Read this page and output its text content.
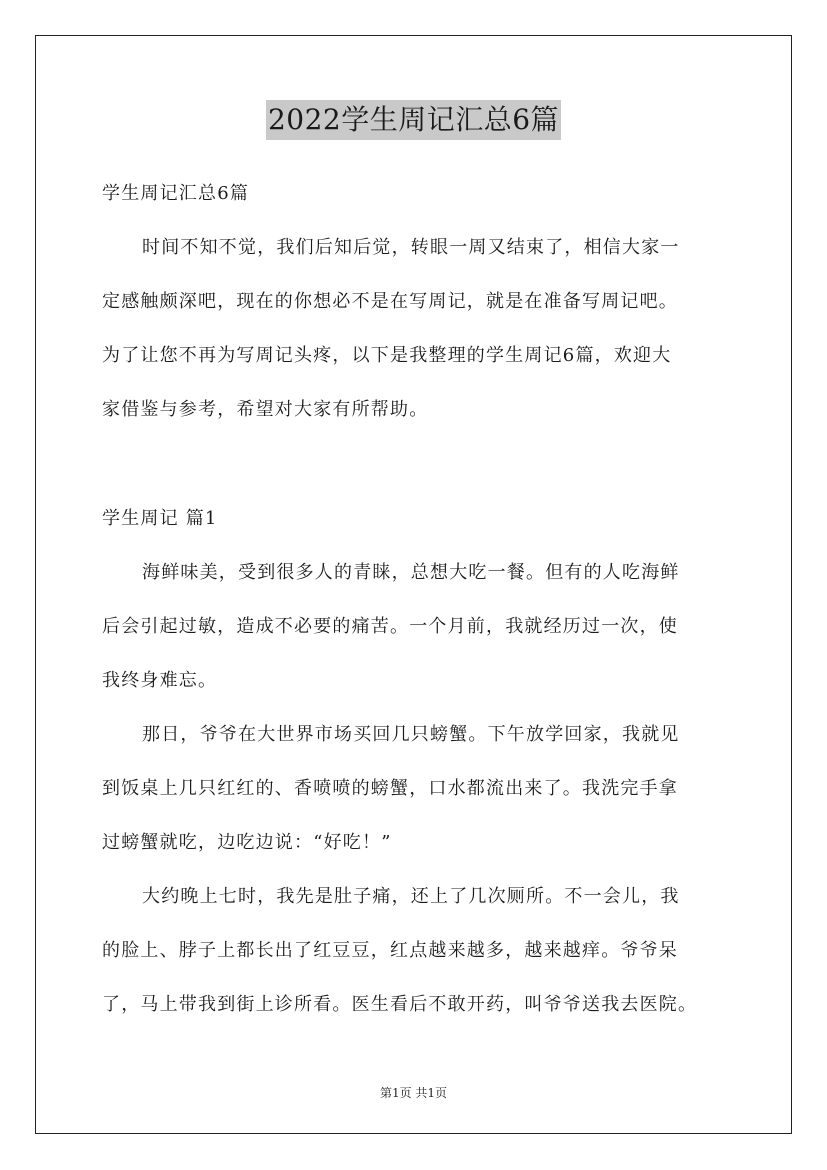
2022学生周记汇总6篇
学生周记汇总6篇
时间不知不觉，我们后知后觉，转眼一周又结束了，相信大家一
定感触颇深吧，现在的你想必不是在写周记，就是在准备写周记吧。
为了让您不再为写周记头疼，以下是我整理的学生周记6篇，欢迎大
家借鉴与参考，希望对大家有所帮助。
学生周记 篇1
海鲜味美，受到很多人的青睐，总想大吃一餐。但有的人吃海鲜
后会引起过敏，造成不必要的痛苦。一个月前，我就经历过一次，使
我终身难忘。
那日，爷爷在大世界市场买回几只螃蟹。下午放学回家，我就见
到饭桌上几只红红的、香喷喷的螃蟹，口水都流出来了。我洗完手拿
过螃蟹就吃，边吃边说：“好吃！”
大约晚上七时，我先是肚子痛，还上了几次厕所。不一会儿，我
的脸上、脖子上都长出了红豆豆，红点越来越多，越来越痒。爷爷呆
了，马上带我到街上诊所看。医生看后不敢开药，叫爷爷送我去医院。
第1页 共1页
